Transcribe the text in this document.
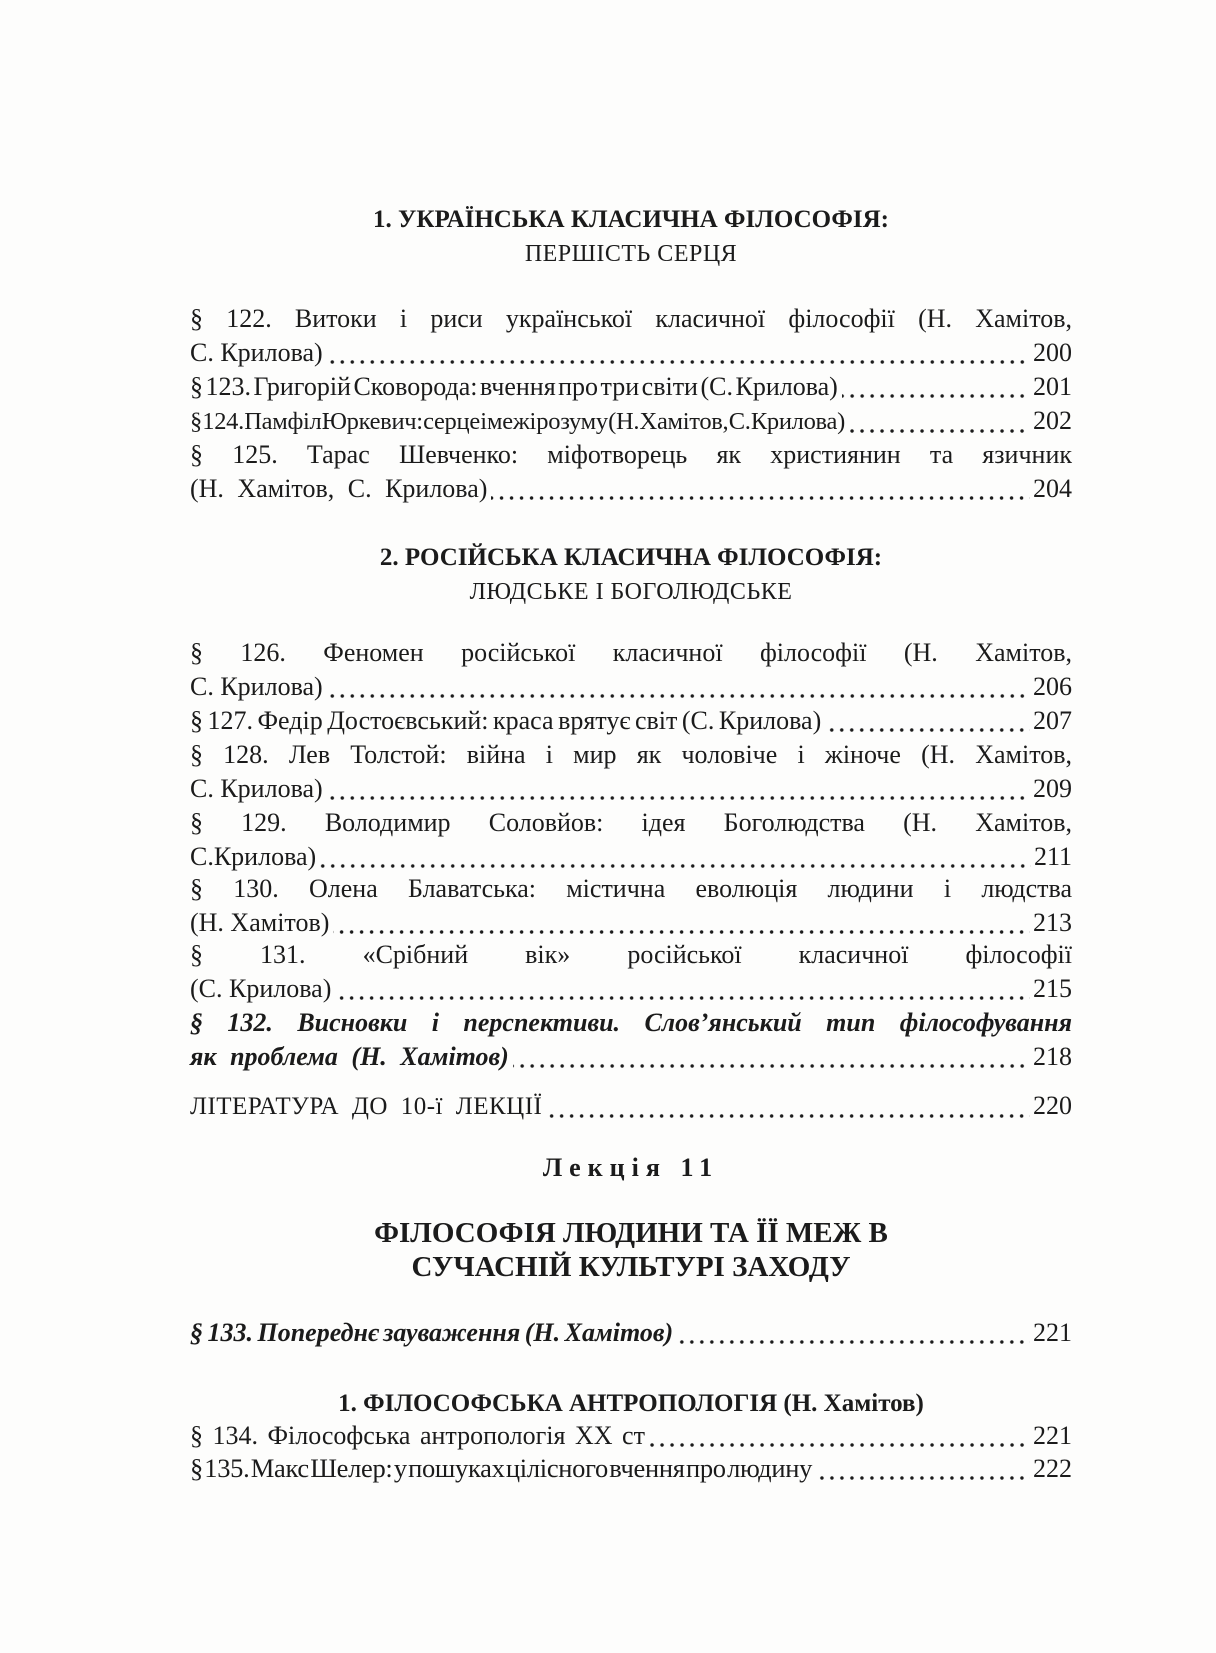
1. УКРАЇНСЬКА КЛАСИЧНА ФІЛОСОФІЯ:
ПЕРШІСТЬ СЕРЦЯ
§ 122. Витоки і риси української класичної філософії (Н. Хамітов,
С. Крилова)	200
§ 123. Григорій Сковорода: вчення про три світи (С. Крилова)	201
§ 124. Памфіл Юркевич: серце і межі розуму (Н. Хамітов, С. Крилова)	202
§ 125. Тарас Шевченко: міфотворець як християнин та язичник
(Н. Хамітов, С. Крилова)	204
2. РОСІЙСЬКА КЛАСИЧНА ФІЛОСОФІЯ:
ЛЮДСЬКЕ І БОГОЛЮДСЬКЕ
§ 126. Феномен російської класичної філософії (Н. Хамітов,
С. Крилова)	206
§ 127. Федір Достоєвський: краса врятує світ (С. Крилова)	207
§ 128. Лев Толстой: війна і мир як чоловіче і жіноче (Н. Хамітов,
С. Крилова)	209
§ 129. Володимир Соловйов: ідея Боголюдства (Н. Хамітов,
С.Крилова)	211
§ 130. Олена Блаватська: містична еволюція людини і людства
(Н. Хамітов)	213
§ 131. «Срібний вік» російської класичної філософії
(С. Крилова)	215
§ 132. Висновки і перспективи. Слов’янський тип філософування
як проблема (Н. Хамітов)	218
ЛІТЕРАТУРА ДО 10-ї ЛЕКЦІЇ	220
Лекція 11
ФІЛОСОФІЯ ЛЮДИНИ ТА ЇЇ МЕЖ В
СУЧАСНІЙ КУЛЬТУРІ ЗАХОДУ
§ 133. Попереднє зауваження (Н. Хамітов)	221
1. ФІЛОСОФСЬКА АНТРОПОЛОГІЯ (Н. Хамітов)
§ 134. Філософська антропологія ХХ ст	221
§ 135. Макс Шелер: у пошуках цілісного вчення про людину	222
